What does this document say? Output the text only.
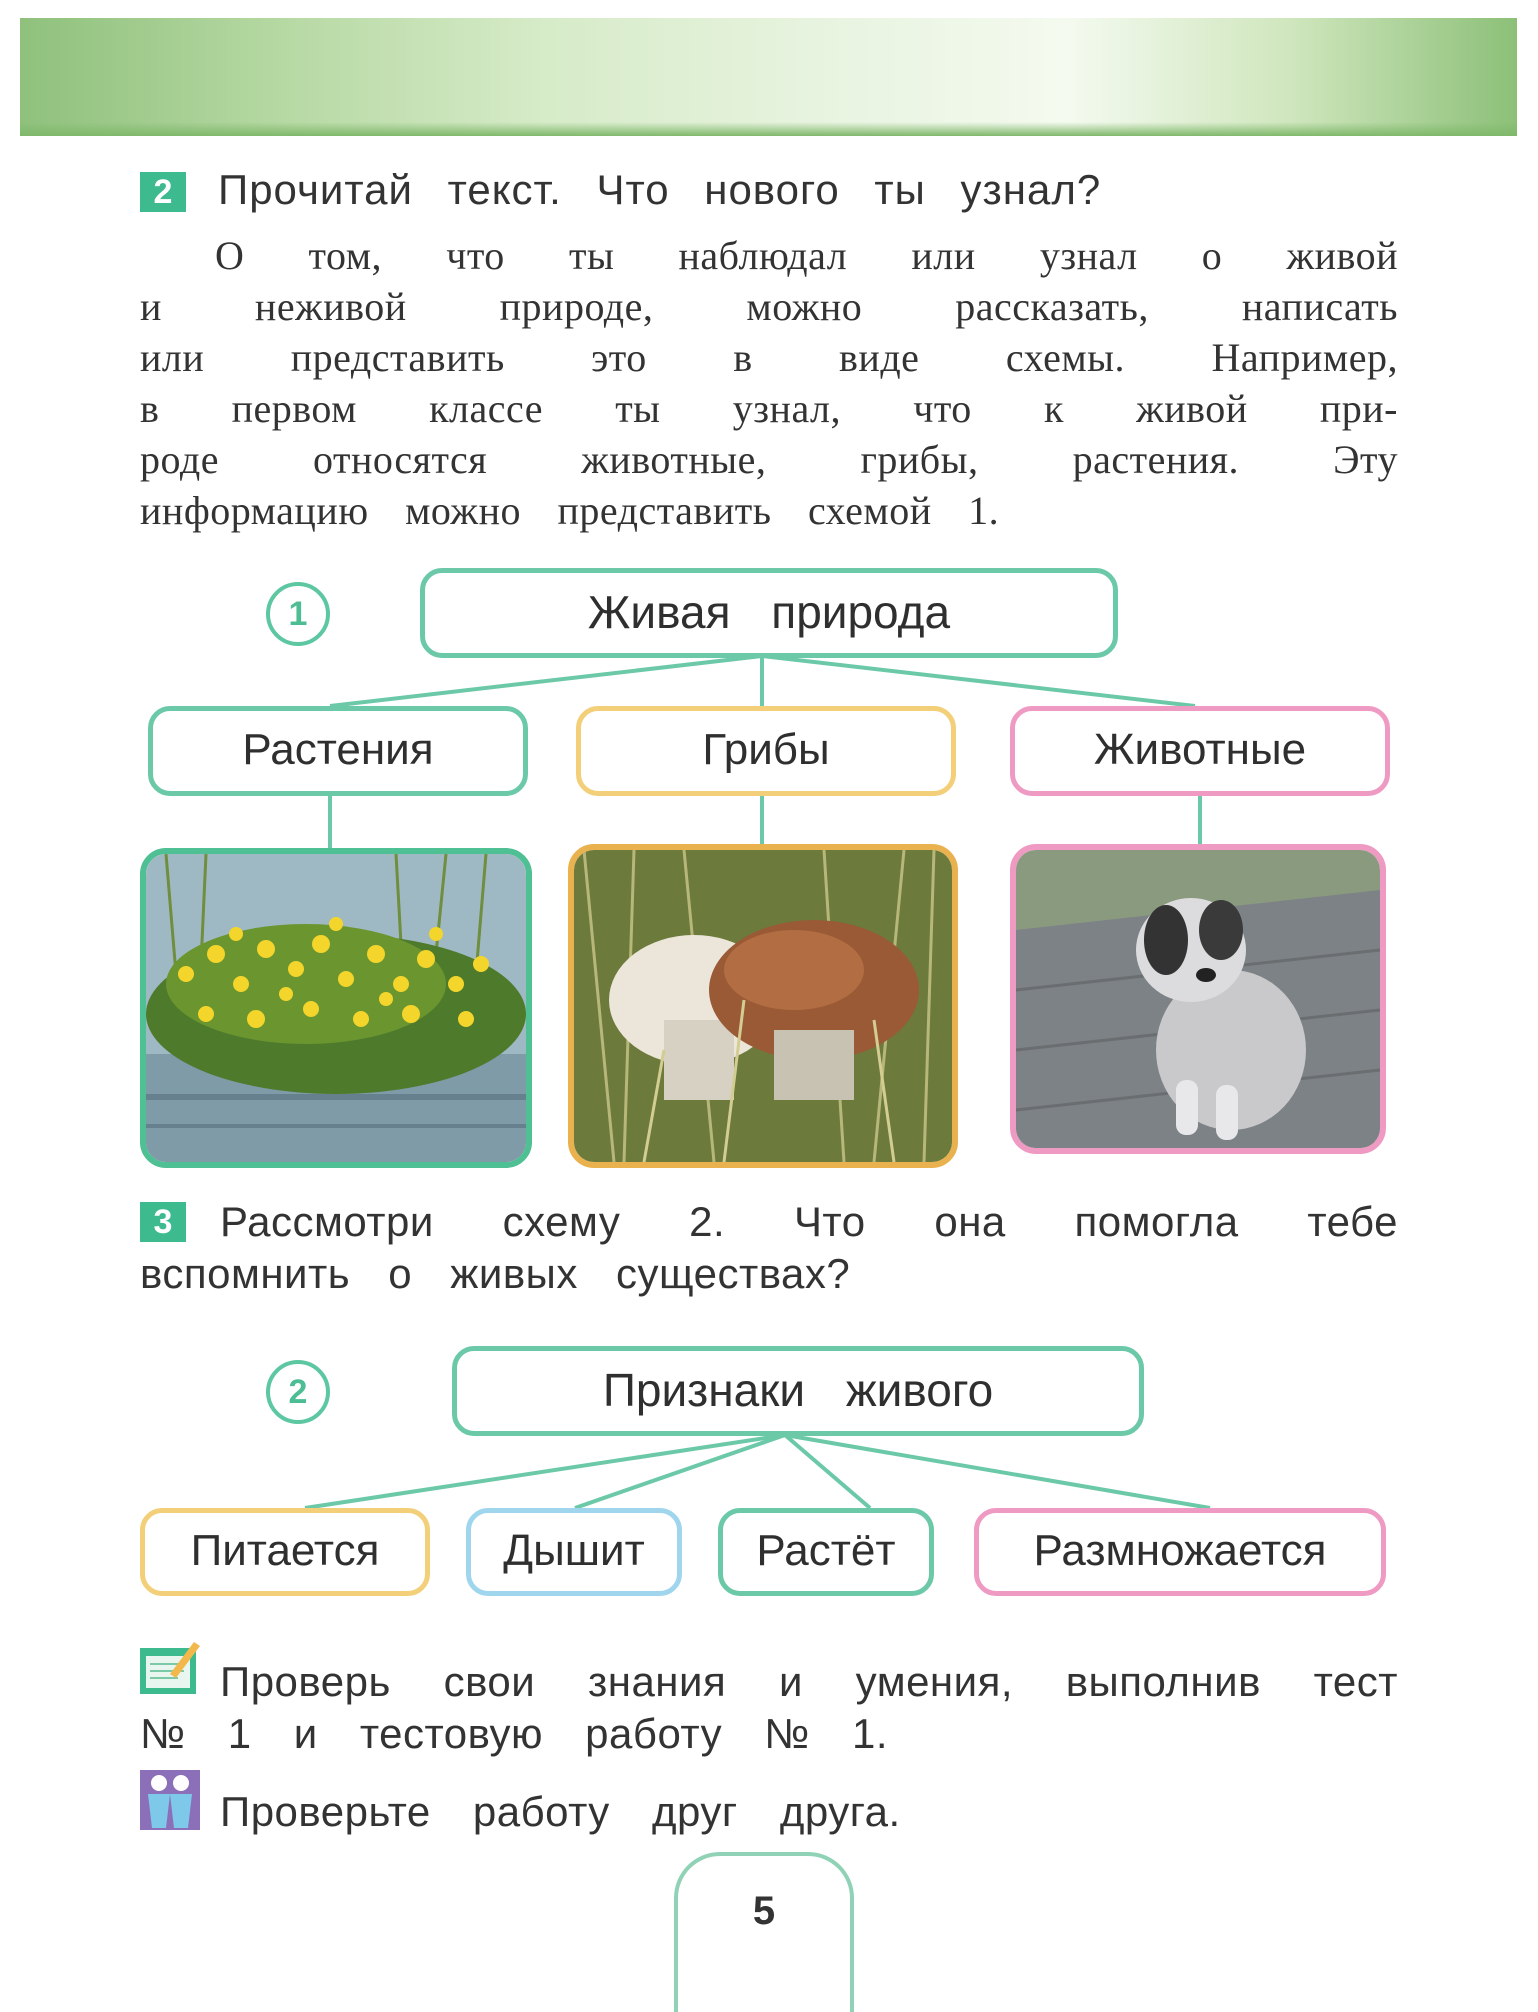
2	Прочитай текст. Что нового ты узнал?
О том, что ты наблюдал или узнал о живой
и неживой природе, можно рассказать, написать
или представить это в виде схемы. Например,
в первом классе ты узнал, что к живой при-
роде относятся животные, грибы, растения. Эту
информацию можно представить схемой 1.
1	Живая природа
Растения	Грибы	Животные
3	Рассмотри схему 2. Что она помогла тебе
вспомнить о живых существах?
2	Признаки живого
Питается	Дышит	Растёт	Размножается
Проверь свои знания и умения, выполнив тест
№ 1 и тестовую работу № 1.
Проверьте работу друг друга.
5
